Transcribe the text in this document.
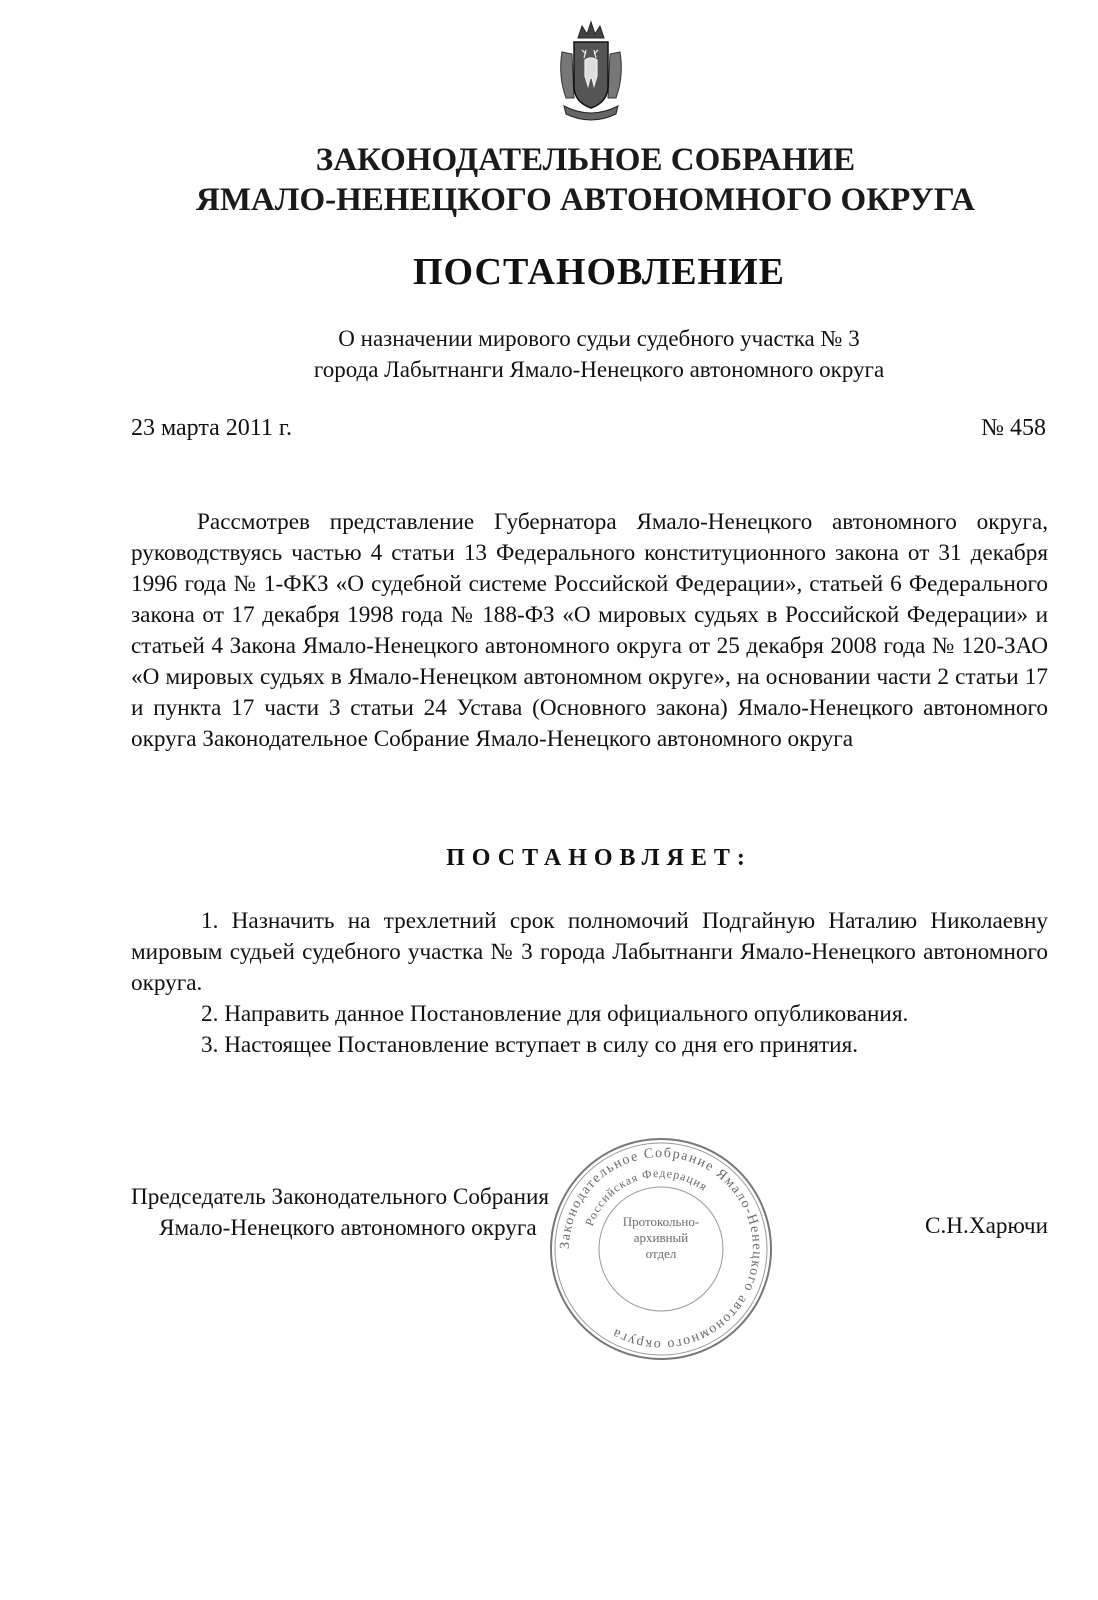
ЗАКОНОДАТЕЛЬНОЕ СОБРАНИЕ
ЯМАЛО-НЕНЕЦКОГО АВТОНОМНОГО ОКРУГА
ПОСТАНОВЛЕНИЕ
О назначении мирового судьи судебного участка № 3
города Лабытнанги Ямало-Ненецкого автономного округа
23 марта 2011 г.	№ 458
Рассмотрев представление Губернатора Ямало-Ненецкого автономного округа, руководствуясь частью 4 статьи 13 Федерального конституционного закона от 31 декабря 1996 года № 1-ФКЗ «О судебной системе Российской Федерации», статьей 6 Федерального закона от 17 декабря 1998 года № 188-ФЗ «О мировых судьях в Российской Федерации» и статьей 4 Закона Ямало-Ненецкого автономного округа от 25 декабря 2008 года № 120-ЗАО «О мировых судьях в Ямало-Ненецком автономном округе», на основании части 2 статьи 17 и пункта 17 части 3 статьи 24 Устава (Основного закона) Ямало-Ненецкого автономного округа Законодательное Собрание Ямало-Ненецкого автономного округа
ПОСТАНОВЛЯЕТ:

1. Назначить на трехлетний срок полномочий Подгайную Наталию Николаевну мировым судьей судебного участка № 3 города Лабытнанги Ямало-Ненецкого автономного округа.

2. Направить данное Постановление для официального опубликования.

3. Настоящее Постановление вступает в силу со дня его принятия.

Председатель Законодательного Собрания
Ямало-Ненецкого автономного округа	С.Н.Харючи
Законодательное Собрание Ямало-Ненецкого автономного округа
Российская Федерация
Протокольно-
архивный
отдел
